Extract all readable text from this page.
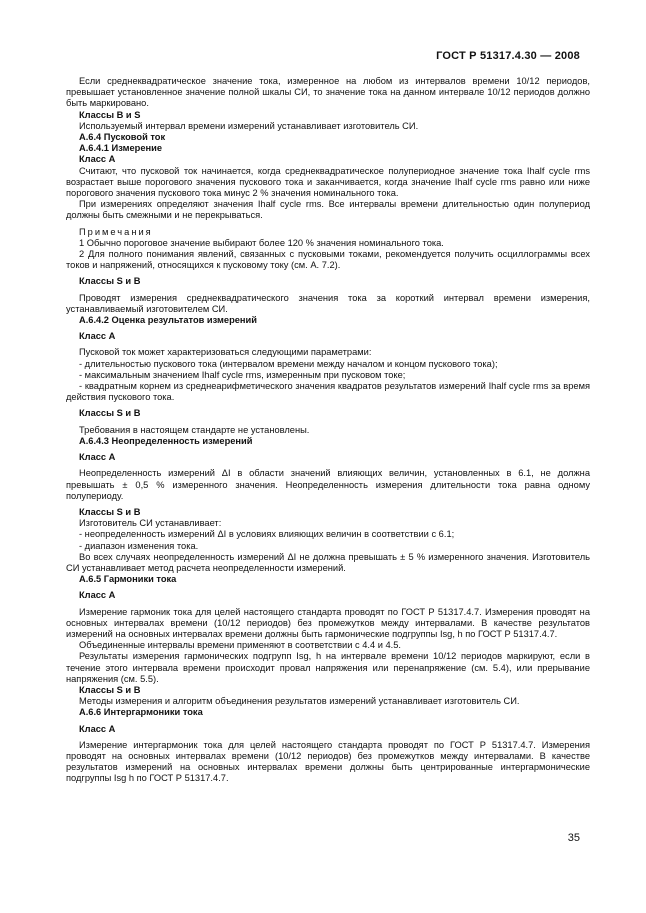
ГОСТ Р 51317.4.30 — 2008

Если среднеквадратическое значение тока, измеренное на любом из интервалов времени 10/12 периодов, превышает установленное значение полной шкалы СИ, то значение тока на данном интервале 10/12 периодов должно быть маркировано.

Классы В и S

Используемый интервал времени измерений устанавливает изготовитель СИ.

А.6.4 Пусковой ток

А.6.4.1 Измерение

Класс А

Считают, что пусковой ток начинается, когда среднеквадратическое полупериодное значение тока Ihalf cycle rms возрастает выше порогового значения пускового тока и заканчивается, когда значение Ihalf cycle rms равно или ниже порогового значения пускового тока минус 2 % значения номинального тока.

При измерениях определяют значения Ihalf cycle rms. Все интервалы времени длительностью один полупериод должны быть смежными и не перекрываться.

Примечания

1 Обычно пороговое значение выбирают более 120 % значения номинального тока.

2 Для полного понимания явлений, связанных с пусковыми токами, рекомендуется получить осциллограммы всех токов и напряжений, относящихся к пусковому току (см. А. 7.2).

Классы S и В

Проводят измерения среднеквадратического значения тока за короткий интервал времени измерения, устанавливаемый изготовителем СИ.

А.6.4.2 Оценка результатов измерений

Класс А

Пусковой ток может характеризоваться следующими параметрами:

- длительностью пускового тока (интервалом времени между началом и концом пускового тока);

- максимальным значением Ihalf cycle rms, измеренным при пусковом токе;

- квадратным корнем из среднеарифметического значения квадратов результатов измерений Ihalf cycle rms за время действия пускового тока.

Классы S и В

Требования в настоящем стандарте не установлены.

А.6.4.3 Неопределенность измерений

Класс А

Неопределенность измерений ΔI в области значений влияющих величин, установленных в 6.1, не должна превышать ± 0,5 % измеренного значения. Неопределенность измерения длительности тока равна одному полупериоду.

Классы S и В

Изготовитель СИ устанавливает:

- неопределенность измерений ΔI в условиях влияющих величин в соответствии с 6.1;

- диапазон изменения тока.

Во всех случаях неопределенность измерений ΔI не должна превышать ± 5 % измеренного значения. Изготовитель СИ устанавливает метод расчета неопределенности измерений.

А.6.5 Гармоники тока

Класс А

Измерение гармоник тока для целей настоящего стандарта проводят по ГОСТ Р 51317.4.7. Измерения проводят на основных интервалах времени (10/12 периодов) без промежутков между интервалами. В качестве результатов измерений на основных интервалах времени должны быть гармонические подгруппы Isg, h по ГОСТ Р 51317.4.7.

Объединенные интервалы времени применяют в соответствии с 4.4 и 4.5.

Результаты измерения гармонических подгрупп Isg, h на интервале времени 10/12 периодов маркируют, если в течение этого интервала времени происходит провал напряжения или перенапряжение (см. 5.4), или прерывание напряжения (см. 5.5).

Классы S и В

Методы измерения и алгоритм объединения результатов измерений устанавливает изготовитель СИ.

А.6.6 Интергармоники тока

Класс А

Измерение интергармоник тока для целей настоящего стандарта проводят по ГОСТ Р 51317.4.7. Измерения проводят на основных интервалах времени (10/12 периодов) без промежутков между интервалами. В качестве результатов измерений на основных интервалах времени должны быть центрированные интергармонические подгруппы Isg h по ГОСТ Р 51317.4.7.

35
